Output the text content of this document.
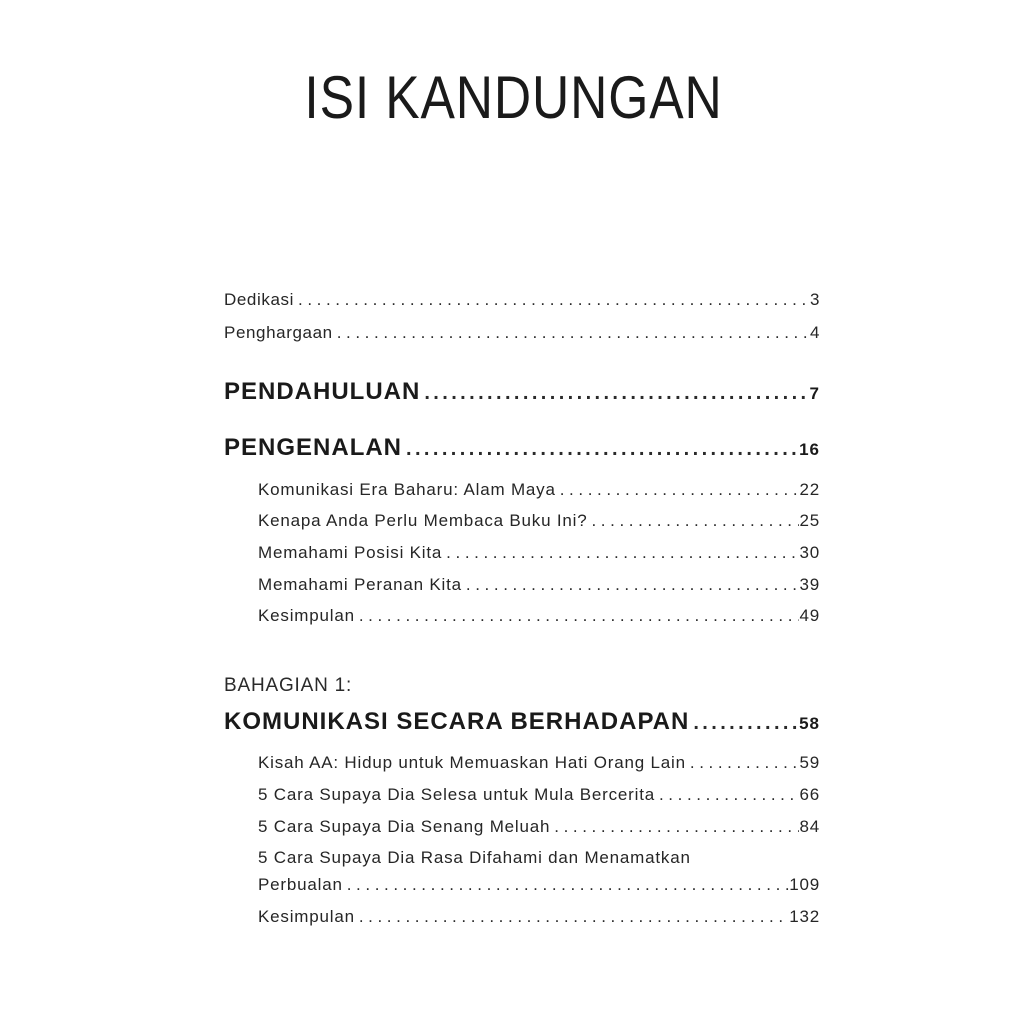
ISI KANDUNGAN
Dedikasi .....	3
Penghargaan .....	4
PENDAHULUAN .....	7
PENGENALAN .....	16
Komunikasi Era Baharu: Alam Maya .....	22
Kenapa Anda Perlu Membaca Buku Ini? .....	25
Memahami Posisi Kita .....	30
Memahami Peranan Kita .....	39
Kesimpulan .....	49
BAHAGIAN 1:
KOMUNIKASI SECARA BERHADAPAN .....	58
Kisah AA: Hidup untuk Memuaskan Hati Orang Lain .....	59
5 Cara Supaya Dia Selesa untuk Mula Bercerita .....	66
5 Cara Supaya Dia Senang Meluah .....	84
5 Cara Supaya Dia Rasa Difahami dan Menamatkan
Perbualan .....	109
Kesimpulan .....	132
